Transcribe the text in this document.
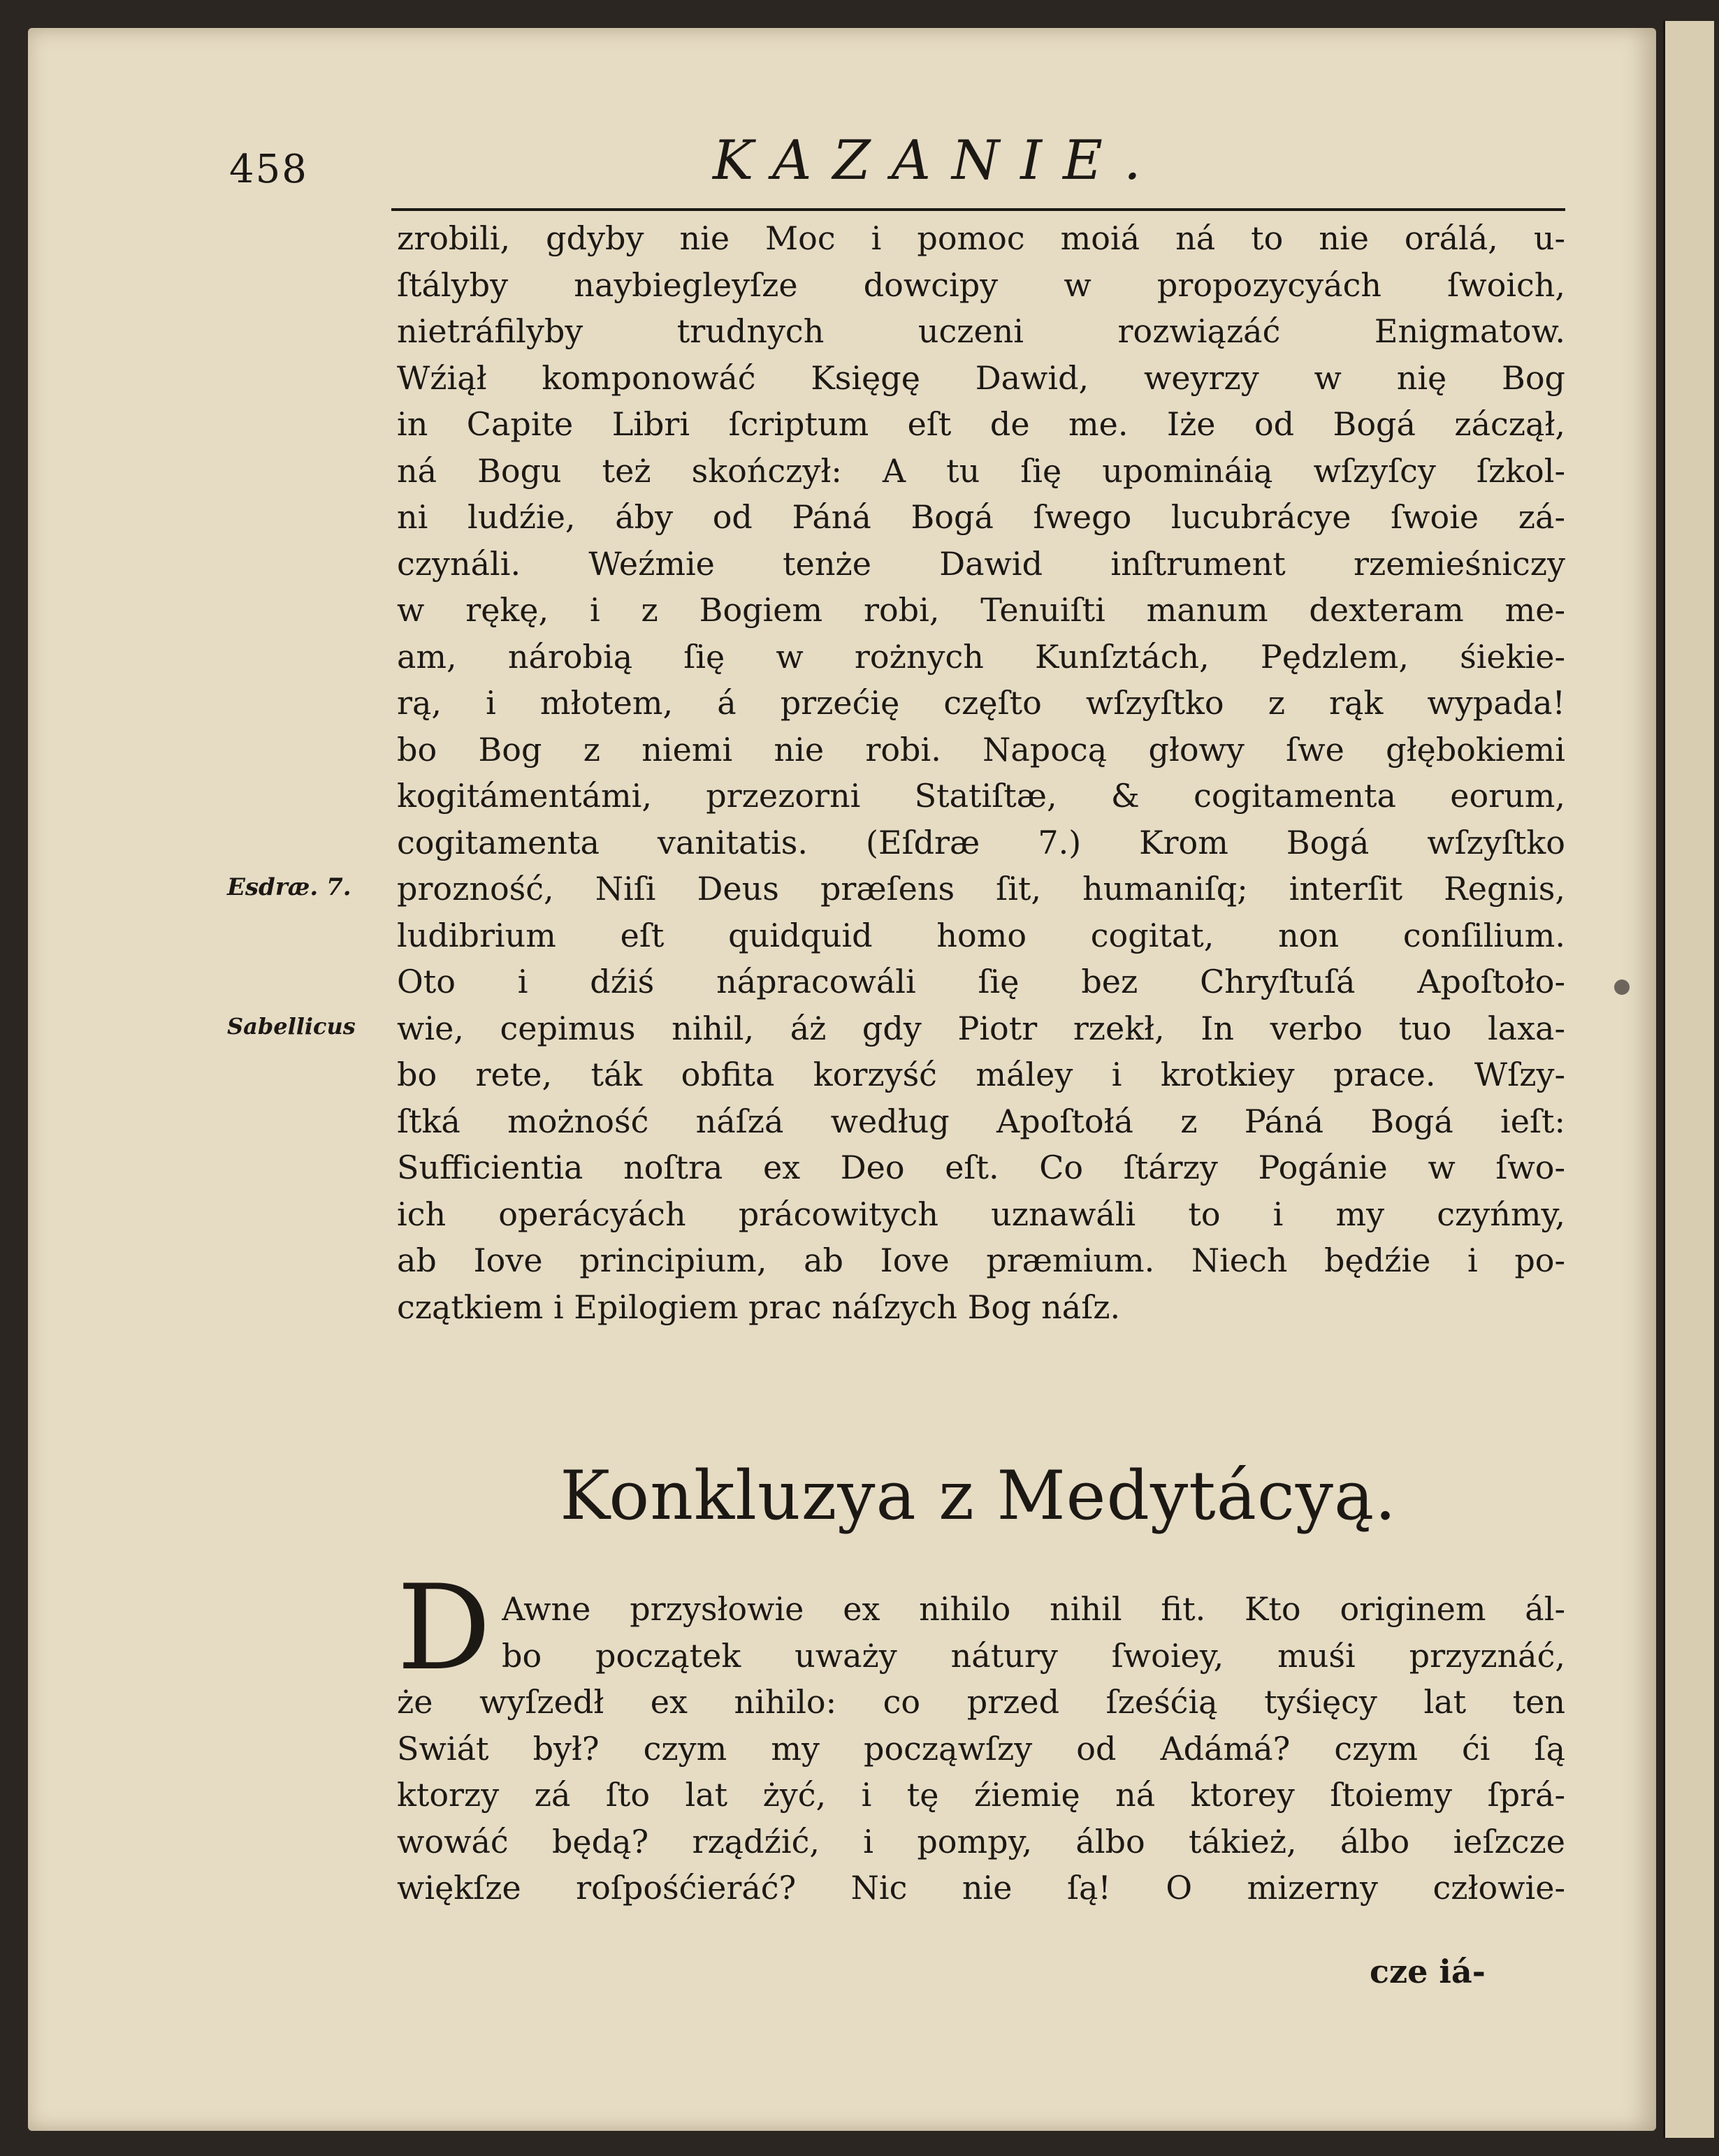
458	KAZANIE.
zrobili, gdyby nie Moc i pomoc moiá ná to nie orálá, u-
ſtályby naybiegleyſze dowcipy w propozycyách ſwoich,
nietráfilyby trudnych uczeni rozwiązáć Enigmatow.
Wźiął komponowáć Księgę Dawid, weyrzy w nię Bog
in Capite Libri ſcriptum eſt de me. Iże od Bogá záczął,
ná Bogu też skończył: A tu ſię upomináią wſzyſcy ſzkol-
ni ludźie, áby od Páná Bogá ſwego lucubrácye ſwoie zá-
czynáli. Weźmie tenże Dawid inſtrument rzemieśniczy
w rękę, i z Bogiem robi, Tenuiſti manum dexteram me-
am, nárobią ſię w rożnych Kunſztách, Pędzlem, śiekie-
rą, i młotem, á przećię częſto wſzyſtko z rąk wypada!
bo Bog z niemi nie robi. Napocą głowy ſwe głębokiemi
kogitámentámi, przezorni Statiſtæ, & cogitamenta eorum,
cogitamenta vanitatis. (Eſdræ 7.) Krom Bogá wſzyſtko
prozność, Niſi Deus præſens ſit, humaniſq; interſit Regnis,
ludibrium eſt quidquid homo cogitat, non conſilium.
Oto i dźiś nápracowáli ſię bez Chryſtuſá Apoſtoło-
wie, cepimus nihil, áż gdy Piotr rzekł, In verbo tuo laxa-
bo rete, ták obfita korzyść máley i krotkiey prace. Wſzy-
ſtká możność náſzá według Apoſtołá z Páná Bogá ieſt:
Sufficientia noſtra ex Deo eſt. Co ſtárzy Pogánie w ſwo-
ich operácyách prácowitych uznawáli to i my czyńmy,
ab Iove principium, ab Iove præmium. Niech będźie i po-
czątkiem i Epilogiem prac náſzych Bog náſz.
Esdræ. 7.
Sabellicus
Konkluzya z Medytácyą.
D Awne przysłowie ex nihilo nihil fit. Kto originem ál-
bo początek uważy nátury ſwoiey, muśi przyznáć,
że wyſzedł ex nihilo: co przed ſześćią tyśięcy lat ten
Swiát był? czym my począwſzy od Adámá? czym ći ſą
ktorzy zá ſto lat żyć, i tę źiemię ná ktorey ſtoiemy ſprá-
wowáć będą? rządźić, i pompy, álbo tákież, álbo ieſzcze
więkſze roſpośćieráć? Nic nie ſą! O mizerny człowie-
cze iá-
